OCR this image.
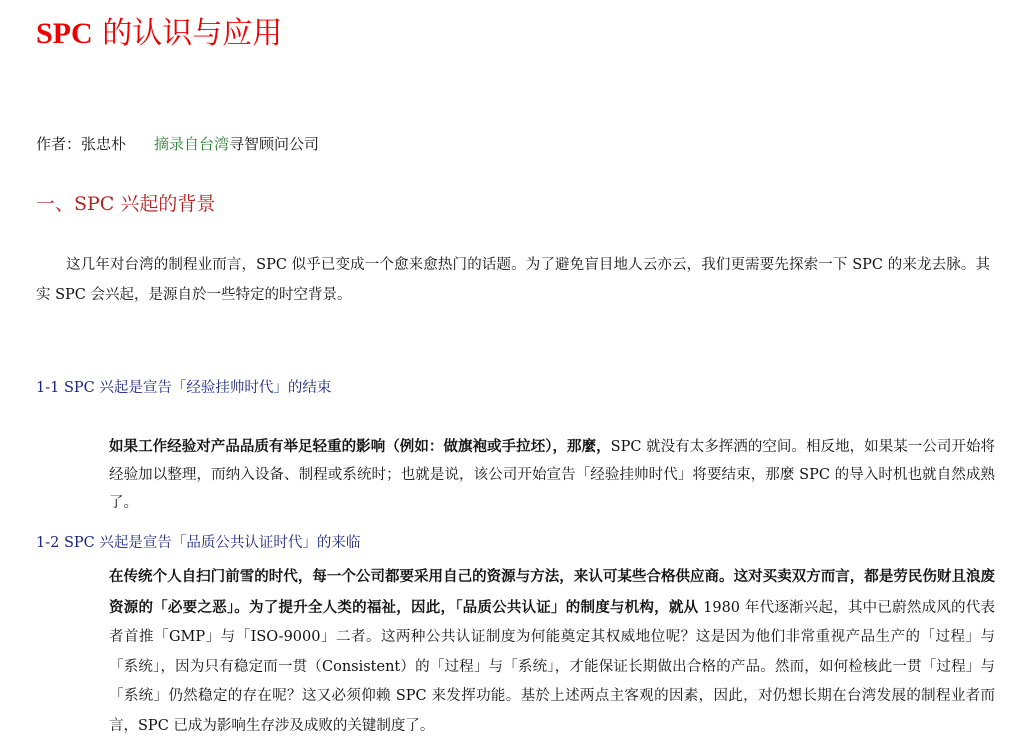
SPC 的认识与应用
作者：张忠朴 摘录自台湾寻智顾问公司
一、SPC 兴起的背景

这几年对台湾的制程业而言，SPC 似乎已变成一个愈来愈热门的话题。为了避免盲目地人云亦云，我们更需要先探索一下 SPC 的来龙去脉。其实 SPC 会兴起，是源自於一些特定的时空背景。

1-1 SPC 兴起是宣告「经验挂帅时代」的结束

如果工作经验对产品品质有举足轻重的影响（例如：做旗袍或手拉坯），那麼，SPC 就没有太多挥洒的空间。相反地，如果某一公司开始将经验加以整理，而纳入设备、制程或系统时；也就是说，该公司开始宣告「经验挂帅时代」将要结束，那麼 SPC 的导入时机也就自然成熟了。

1-2 SPC 兴起是宣告「品质公共认证时代」的来临

在传统个人自扫门前雪的时代，每一个公司都要采用自己的资源与方法，来认可某些合格供应商。这对买卖双方而言，都是劳民伤财且浪废资源的「必要之恶」。为了提升全人类的福祉，因此，「品质公共认证」的制度与机构，就从 1980 年代逐渐兴起，其中已蔚然成风的代表者首推「GMP」与「ISO-9000」二者。这两种公共认证制度为何能奠定其权威地位呢？这是因为他们非常重视产品生产的「过程」与「系统」，因为只有稳定而一贯（Consistent）的「过程」与「系统」，才能保证长期做出合格的产品。然而，如何检核此一贯「过程」与「系统」仍然稳定的存在呢？这又必须仰赖 SPC 来发挥功能。基於上述两点主客观的因素，因此，对仍想长期在台湾发展的制程业者而言，SPC 已成为影响生存涉及成败的关键制度了。
